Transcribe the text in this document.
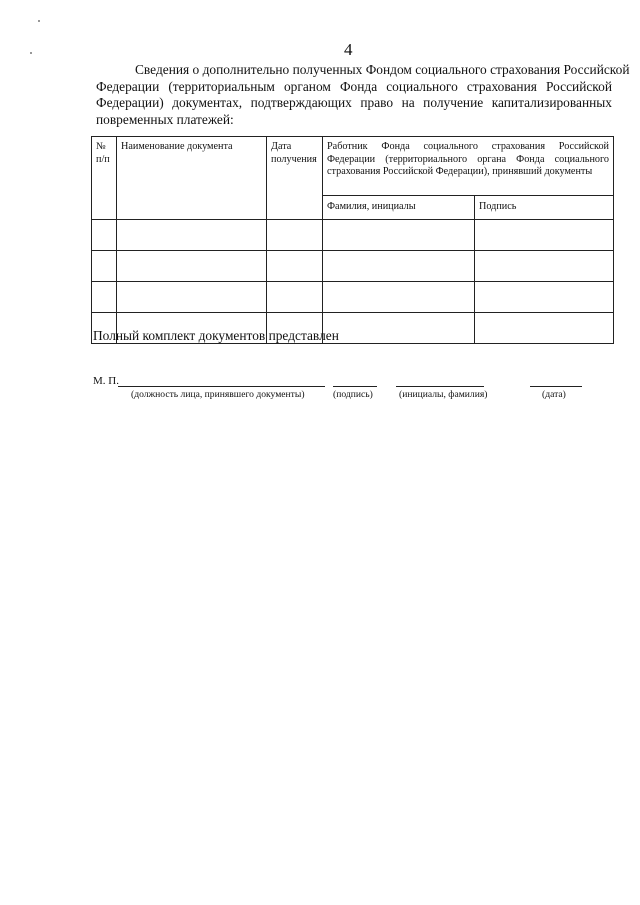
4
Сведения о дополнительно полученных Фондом социального страхования Российской
Федерации (территориальным органом Фонда социального страхования Российской
Федерации) документах, подтверждающих право на получение капитализированных
повременных платежей:
№ п/п	Наименование документа	Дата получения	Работник Фонда социального страхования Российской Федерации (территориального органа Фонда социального страхования Российской Федерации), принявший документы	
			Фамилия, инициалы	Подпись

Полный комплект документов представлен
М. П.
(должность лица, принявшего документы)	(подпись)	(инициалы, фамилия)	(дата)
